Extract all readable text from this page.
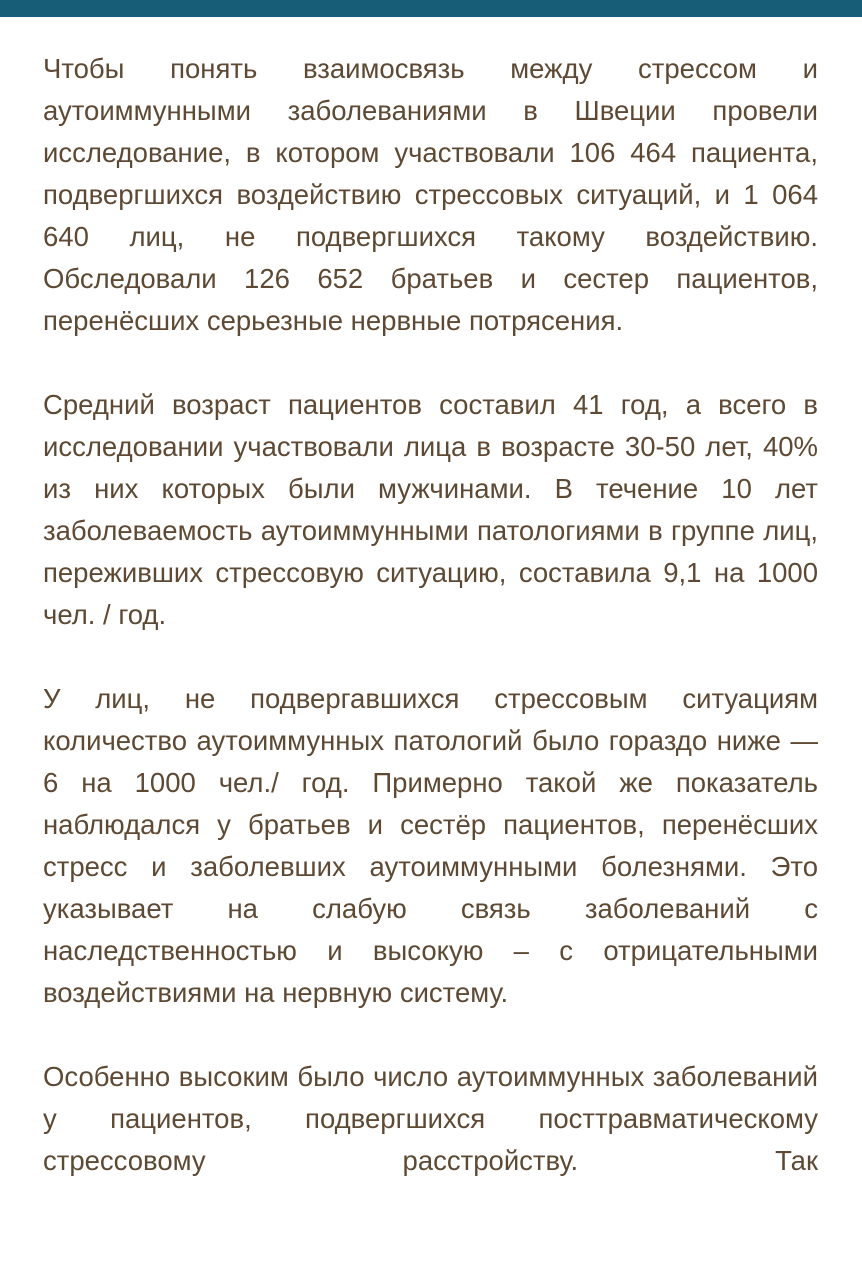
Чтобы понять взаимосвязь между стрессом и аутоиммунными заболеваниями в Швеции провели исследование, в котором участвовали 106 464 пациента, подвергшихся воздействию стрессовых ситуаций, и 1 064 640 лиц, не подвергшихся такому воздействию. Обследовали 126 652 братьев и сестер пациентов, перенёсших серьезные нервные потрясения.

Средний возраст пациентов составил 41 год, а всего в исследовании участвовали лица в возрасте 30-50 лет, 40% из них которых были мужчинами. В течение 10 лет заболеваемость аутоиммунными патологиями в группе лиц, переживших стрессовую ситуацию, составила 9,1 на 1000 чел. / год.

У лиц, не подвергавшихся стрессовым ситуациям количество аутоиммунных патологий было гораздо ниже — 6 на 1000 чел./ год. Примерно такой же показатель наблюдался у братьев и сестёр пациентов, перенёсших стресс и заболевших аутоиммунными болезнями. Это указывает на слабую связь заболеваний с наследственностью и высокую – с отрицательными воздействиями на нервную систему.

Особенно высоким было число аутоиммунных заболеваний у пациентов, подвергшихся посттравматическому стрессовому расстройству. Так
